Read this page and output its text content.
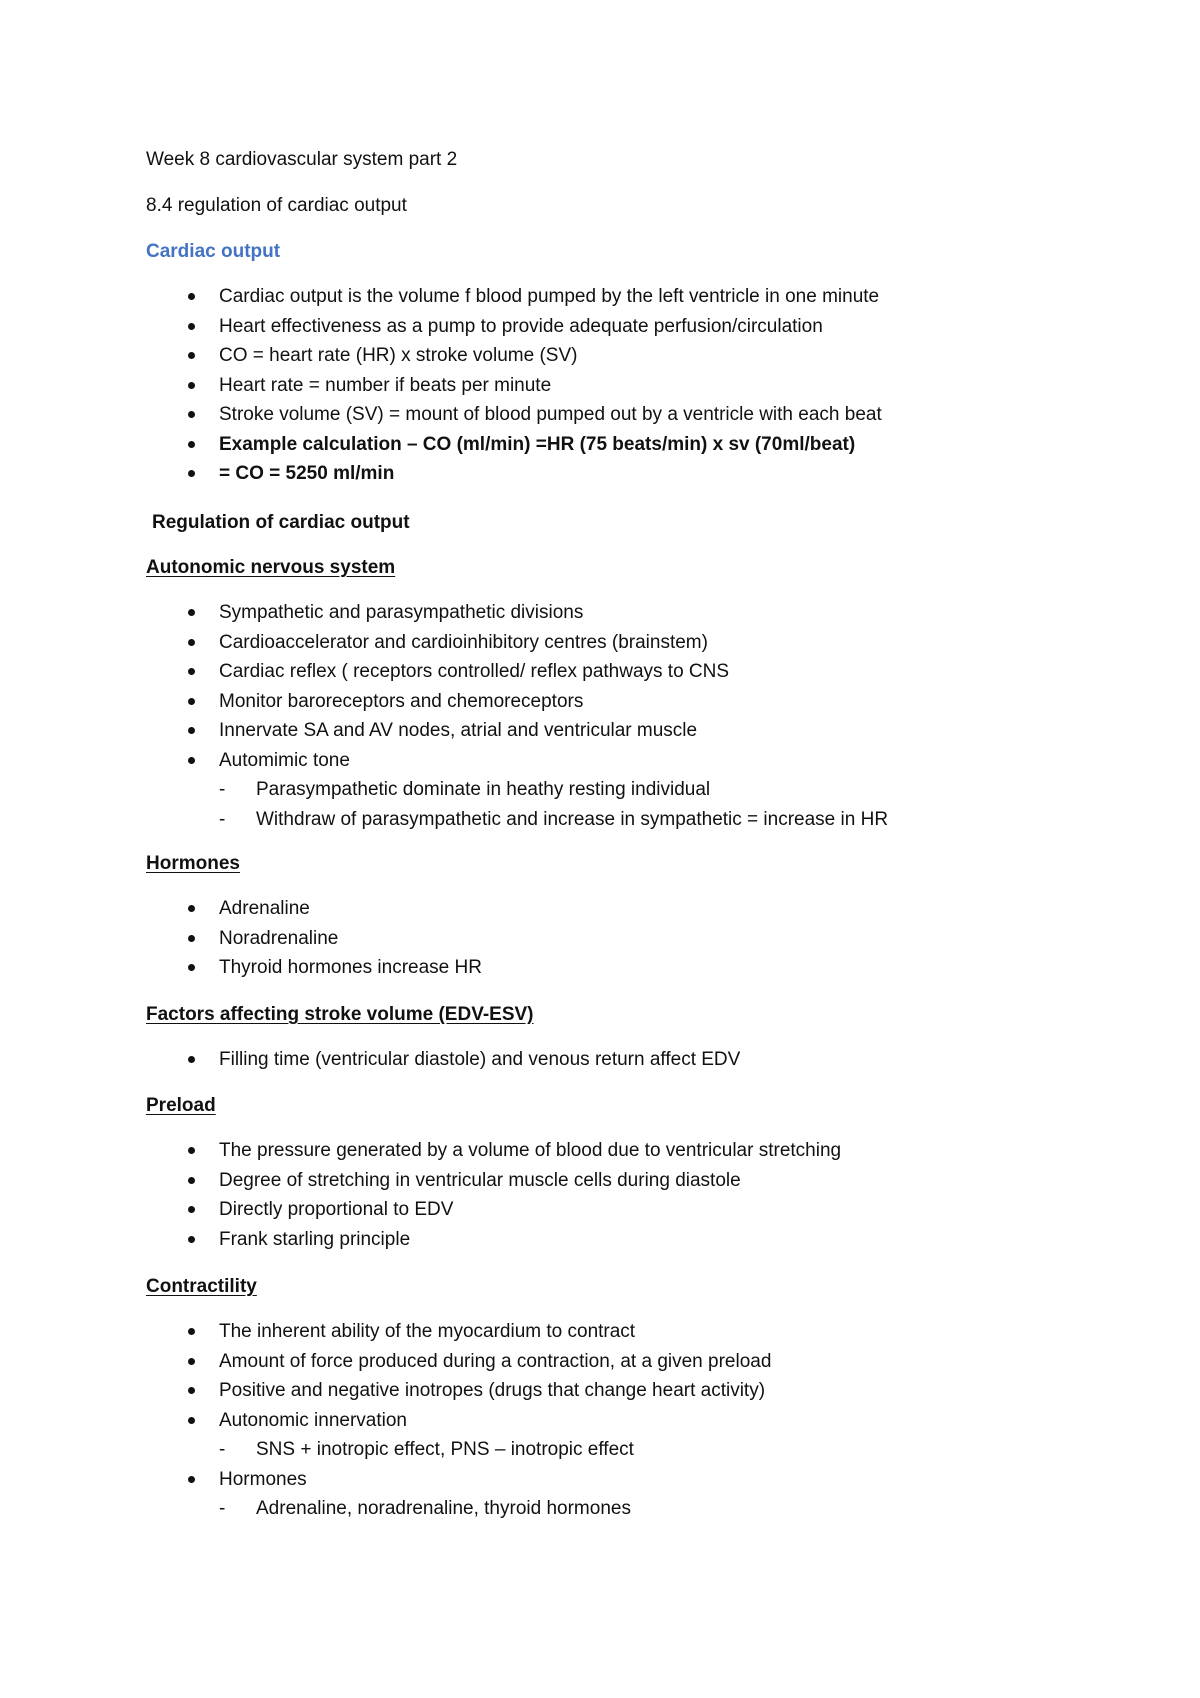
Week 8 cardiovascular system part 2
8.4 regulation of cardiac output
Cardiac output
Cardiac output is the volume f blood pumped by the left ventricle in one minute
Heart effectiveness as a pump to provide adequate perfusion/circulation
CO = heart rate (HR) x stroke volume (SV)
Heart rate = number if beats per minute
Stroke volume (SV) = mount of blood pumped out by a ventricle with each beat
Example calculation – CO (ml/min) =HR (75 beats/min) x sv (70ml/beat)
= CO = 5250 ml/min
Regulation of cardiac output
Autonomic nervous system
Sympathetic and parasympathetic divisions
Cardioaccelerator and cardioinhibitory centres (brainstem)
Cardiac reflex ( receptors controlled/ reflex pathways to CNS
Monitor baroreceptors and chemoreceptors
Innervate SA and AV nodes, atrial and ventricular muscle
Automimic tone
- Parasympathetic dominate in heathy resting individual
- Withdraw of parasympathetic and increase in sympathetic = increase in HR
Hormones
Adrenaline
Noradrenaline
Thyroid hormones increase HR
Factors affecting stroke volume (EDV-ESV)
Filling time (ventricular diastole) and venous return affect EDV
Preload
The pressure generated by a volume of blood due to ventricular stretching
Degree of stretching in ventricular muscle cells during diastole
Directly proportional to EDV
Frank starling principle
Contractility
The inherent ability of the myocardium to contract
Amount of force produced during a contraction, at a given preload
Positive and negative inotropes (drugs that change heart activity)
Autonomic innervation
- SNS + inotropic effect, PNS – inotropic effect
Hormones
- Adrenaline, noradrenaline, thyroid hormones
